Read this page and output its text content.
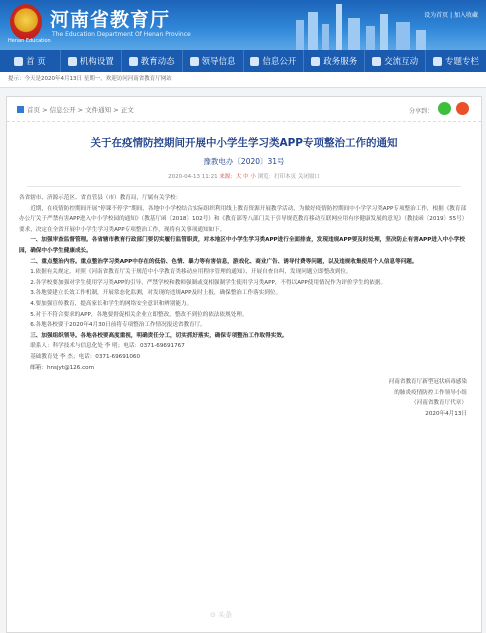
Henan Education
河南省教育厅
The Education Department Of Henan Province
设为首页 | 加入收藏
首 页	机构设置	教育动态	领导信息	信息公开	政务服务	交流互动	专题专栏
提示：今天是2020年4月13日 星期一，欢迎访问河南省教育厅网站
首页 > 信息公开 > 文件通知 > 正文	分享到：
关于在疫情防控期间开展中小学生学习类APP专项整治工作的通知
豫教电办〔2020〕31号
2020-04-13 11:21 来源：大 中 小 浏览：打印本页 关闭窗口

各省辖市、济源示范区、省直管县（市）教育局，厅属有关学校：

近期，在疫情防控期间开展“停课不停学”期间，各地中小学校结合实际组织利用线上教育资源开展教学活动，为做好疫情防控期间中小学学习类APP专项整治工作，根据《教育部办公厅关于严禁有害APP进入中小学校园的通知》（教基厅函〔2018〕102号）和《教育部等八部门关于引导规范教育移动互联网应用有序健康发展的意见》（教技函〔2019〕55号）要求，决定在全省开展中小学生学习类APP专项整治工作，现将有关事项通知如下。

一、加强审查监督管理。各省辖市教育行政部门要切实履行监管职责，对本地区中小学生学习类APP进行全面排查，发现违规APP要及时处理，坚决防止有害APP进入中小学校园，确保中小学生健康成长。

二、重点整治内容。重点整治学习类APP中存在的低俗、色情、暴力等有害信息，游戏化、商业广告、诱导付费等问题，以及违规收集使用个人信息等问题。

1.依据有关规定，对照《河南省教育厅关于规范中小学教育类移动应用程序管理的通知》，开展自查自纠，发现问题立即整改到位。

2.各学校要加强对学生使用学习类APP的引导，严禁学校和教师强制或变相强制学生使用学习类APP，不得以APP使用情况作为评价学生的依据。

3.各地要建立长效工作机制，开展常态化监测，对发现的违规APP及时上报，确保整治工作落实到位。

4.要加强宣传教育，提高家长和学生的网络安全意识和辨别能力。

5.对于不符合要求的APP，各地要督促相关企业立即整改，整改不到位的依法依规处理。

6.各地各校要于2020年4月30日前将专项整治工作情况报送省教育厅。

三、加强组织领导。各地各校要高度重视，明确责任分工，切实抓好落实，确保专项整治工作取得实效。

联系人：科学技术与信息化处 李 明；电话：0371-69691767

基础教育处 李 杰；电话：0371-69691060

邮箱：hnsjyt@126.com

河南省教育厅新型冠状病毒感染
的肺炎疫情防控工作领导小组
（河南省教育厅代章）
2020年4月13日
⊙ 头条
